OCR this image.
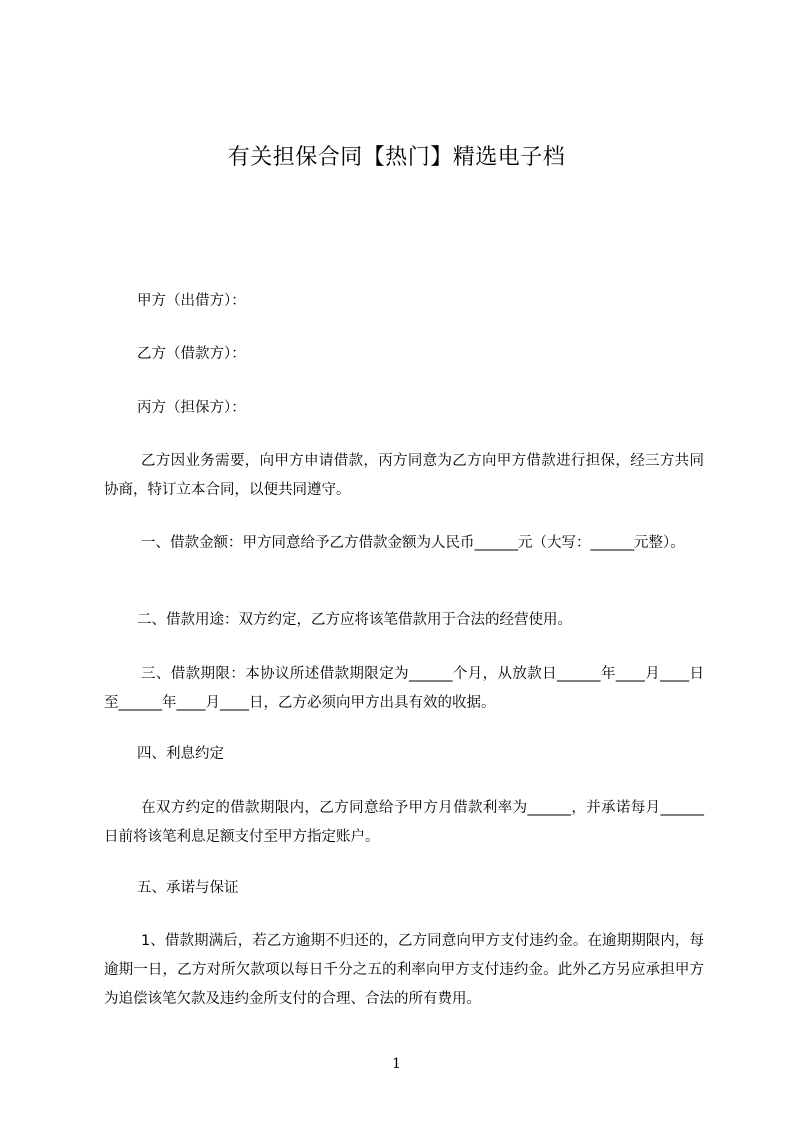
有关担保合同【热门】精选电子档
甲方（出借方）：
乙方（借款方）：
丙方（担保方）：
乙方因业务需要，向甲方申请借款，丙方同意为乙方向甲方借款进行担保，经三方共同协商，特订立本合同，以便共同遵守。
一、借款金额：甲方同意给予乙方借款金额为人民币______元（大写：______元整）。
二、借款用途：双方约定，乙方应将该笔借款用于合法的经营使用。
三、借款期限：本协议所述借款期限定为______个月，从放款日______年____月____日至______年____月____日，乙方必须向甲方出具有效的收据。
四、利息约定
在双方约定的借款期限内，乙方同意给予甲方月借款利率为______，并承诺每月______日前将该笔利息足额支付至甲方指定账户。
五、承诺与保证
1、借款期满后，若乙方逾期不归还的，乙方同意向甲方支付违约金。在逾期期限内，每逾期一日，乙方对所欠款项以每日千分之五的利率向甲方支付违约金。此外乙方另应承担甲方为追偿该笔欠款及违约金所支付的合理、合法的所有费用。
1
